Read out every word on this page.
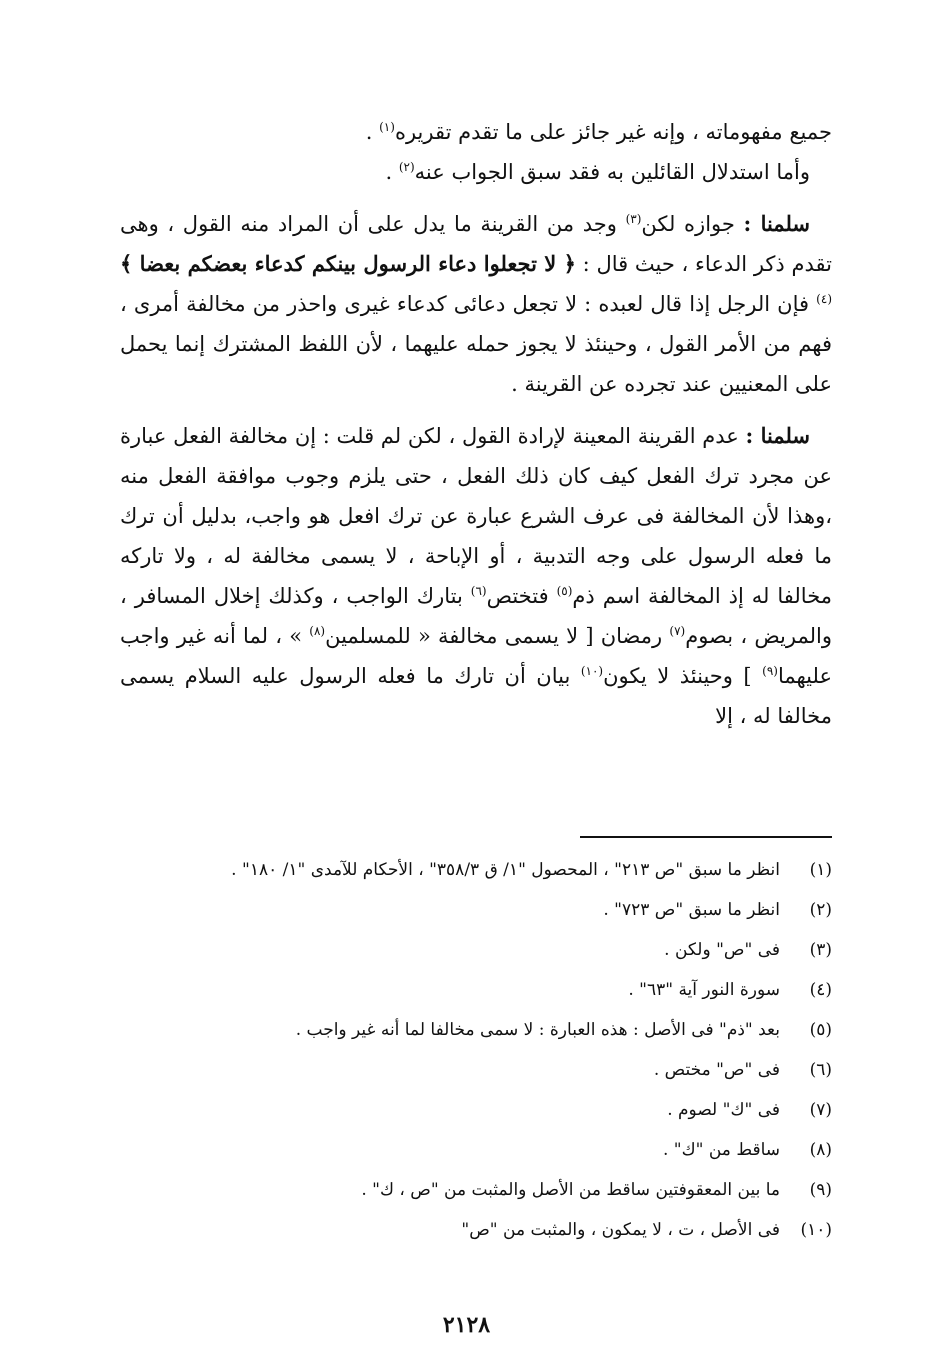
جميع مفهوماته ، وإنه غير جائز على ما تقدم تقريره$^{(١)}$ .

وأما استدلال القائلين به فقد سبق الجواب عنه$^{(٢)}$ .

سلمنا : جوازه لكن$^{(٣)}$ وجد من القرينة ما يدل على أن المراد منه القول ، وهى تقدم ذكر الدعاء ، حيث قال : ﴿ لا تجعلوا دعاء الرسول بينكم كدعاء بعضكم بعضا ﴾$^{(٤)}$ فإن الرجل إذا قال لعبده : لا تجعل دعائى كدعاء غيرى واحذر من مخالفة أمرى ، فهم من الأمر القول ، وحينئذ لا يجوز حمله عليهما ، لأن اللفظ المشترك إنما يحمل على المعنيين عند تجرده عن القرينة .

سلمنا : عدم القرينة المعينة لإرادة القول ، لكن لم قلت : إن مخالفة الفعل عبارة عن مجرد ترك الفعل كيف كان ذلك الفعل ، حتى يلزم وجوب موافقة الفعل منه ،وهذا لأن المخالفة فى عرف الشرع عبارة عن ترك افعل هو واجب، بدليل أن ترك ما فعله الرسول على وجه التدبية ، أو الإباحة ، لا يسمى مخالفة له ، ولا تاركه مخالفا له إذ المخالفة اسم ذم$^{(٥)}$ فتختص$^{(٦)}$ بتارك الواجب ، وكذلك إخلال المسافر ، والمريض ، بصوم$^{(٧)}$ رمضان [ لا يسمى مخالفة « للمسلمين$^{(٨)}$ » ، لما أنه غير واجب عليهما$^{(٩)}$ ] وحينئذ لا يكون$^{(١٠)}$ بيان أن تارك ما فعله الرسول عليه السلام يسمى مخالفا له ، إلا

(١)انظر ما سبق "ص ٢١٣" ، المحصول "١/ ق ٣٥٨/٣" ، الأحكام للآمدى "١/ ١٨٠" .

(٢)انظر ما سبق "ص ٧٢٣" .

(٣)فى "ص" ولكن .

(٤)سورة النور آية "٦٣" .

(٥)بعد "ذم" فى الأصل : هذه العبارة : لا سمى مخالفا لما أنه غير واجب .

(٦)فى "ص" مختص .

(٧)فى "ك" لصوم .

(٨)ساقط من "ك" .

(٩)ما بين المعقوفتين ساقط من الأصل والمثبت من "ص ، ك" .

(١٠)فى الأصل ، ت ، لا يمكون ، والمثبت من "ص"

٢١٢٨
